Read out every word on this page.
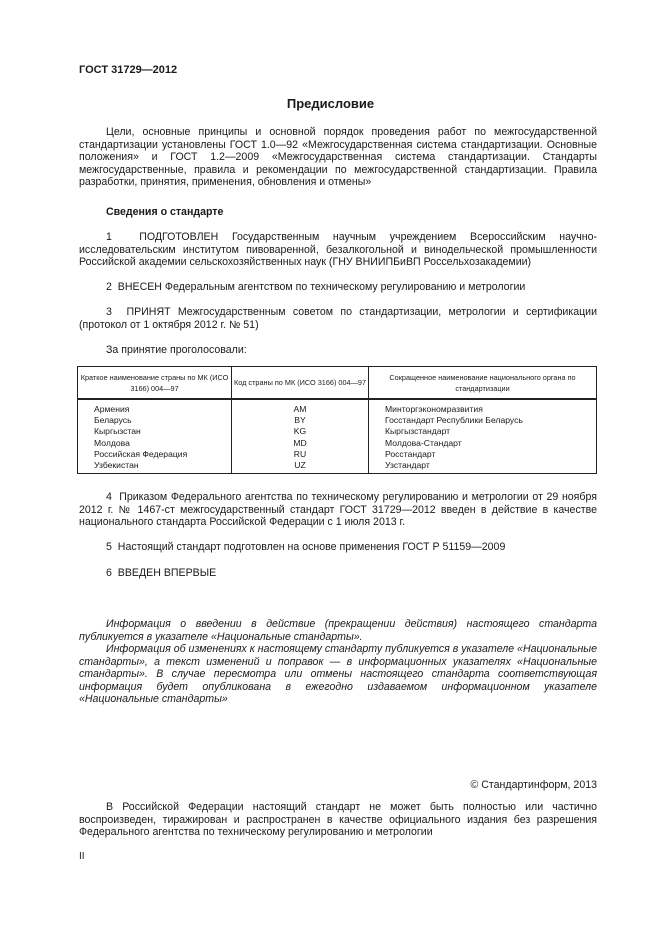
ГОСТ 31729—2012
Предисловие
Цели, основные принципы и основной порядок проведения работ по межгосударственной стандартизации установлены ГОСТ 1.0—92 «Межгосударственная система стандартизации. Основные положения» и ГОСТ 1.2—2009 «Межгосударственная система стандартизации. Стандарты межгосударственные, правила и рекомендации по межгосударственной стандартизации. Правила разработки, принятия, применения, обновления и отмены»
Сведения о стандарте
1	ПОДГОТОВЛЕН Государственным научным учреждением Всероссийским научно-исследовательским институтом пивоваренной, безалкогольной и винодельческой промышленности Российской академии сельскохозяйственных наук (ГНУ ВНИИПБиВП Россельхозакадемии)
2 ВНЕСЕН Федеральным агентством по техническому регулированию и метрологии
3 ПРИНЯТ Межгосударственным советом по стандартизации, метрологии и сертификации (протокол от 1 октября 2012 г. № 51)
За принятие проголосовали:
Краткое наименование страны по МК (ИСО 3166) 004—97	Код страны по МК (ИСО 3166) 004—97	Сокращенное наименование национального органа по стандартизации
Армения	AM	Минторгэкономразвития
Беларусь	BY	Госстандарт Республики Беларусь
Кыргызстан	KG	Кыргызстандарт
Молдова	MD	Молдова-Стандарт
Российская Федерация	RU	Росстандарт
Узбекистан	UZ	Узстандарт
4 Приказом Федерального агентства по техническому регулированию и метрологии от 29 ноября 2012 г. № 1467-ст межгосударственный стандарт ГОСТ 31729—2012 введен в действие в качестве национального стандарта Российской Федерации с 1 июля 2013 г.
5 Настоящий стандарт подготовлен на основе применения ГОСТ Р 51159—2009
6 ВВЕДЕН ВПЕРВЫЕ
Информация о введении в действие (прекращении действия) настоящего стандарта публикуется в указателе «Национальные стандарты».
Информация об изменениях к настоящему стандарту публикуется в указателе «Национальные стандарты», а текст изменений и поправок — в информационных указателях «Национальные стандарты». В случае пересмотра или отмены настоящего стандарта соответствующая информация будет опубликована в ежегодно издаваемом информационном указателе «Национальные стандарты»
© Стандартинформ, 2013
В Российской Федерации настоящий стандарт не может быть полностью или частично воспроизведен, тиражирован и распространен в качестве официального издания без разрешения Федерального агентства по техническому регулированию и метрологии
II
